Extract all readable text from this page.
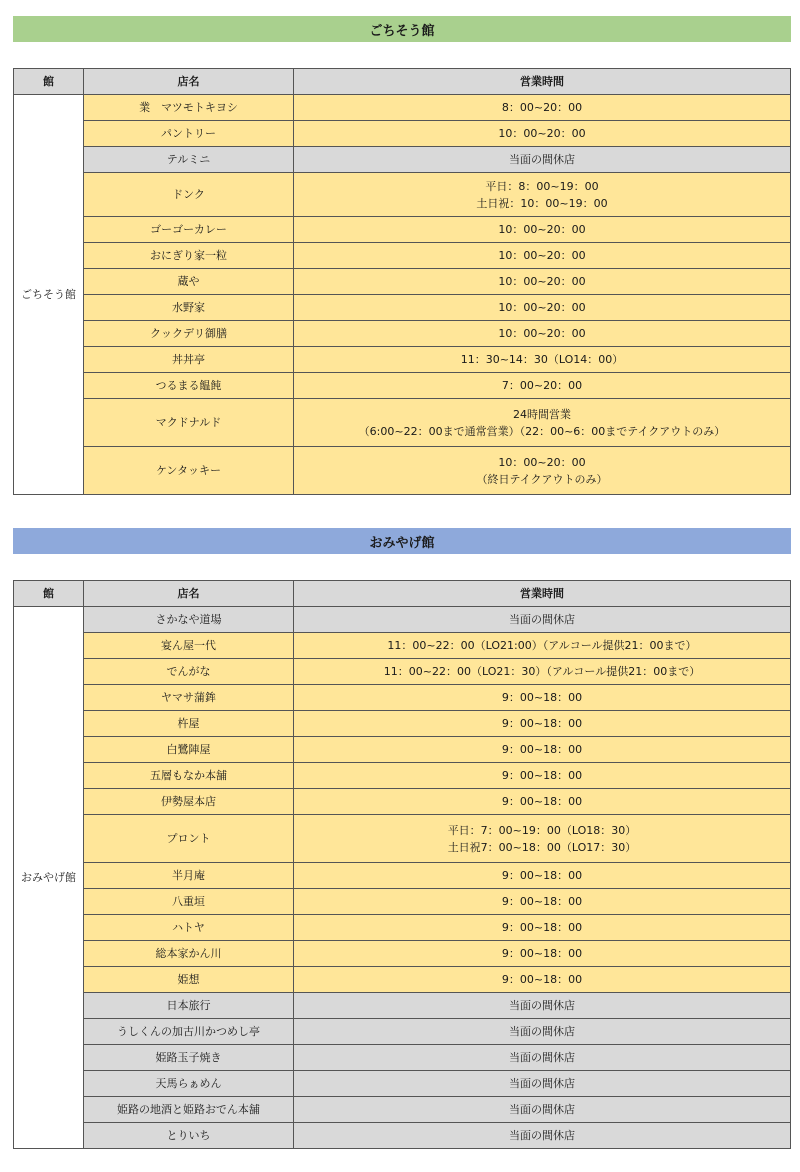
ごちそう館
館	店名	営業時間
ごちそう館	業　マツモトキヨシ	8：00~20：00

	パントリー	10：00~20：00

	テルミニ	当面の間休店

	ドンク	平日：8：00~19：00
土日祝：10：00~19：00

	ゴーゴーカレー	10：00~20：00

	おにぎり家一粒	10：00~20：00

	蔵や	10：00~20：00

	水野家	10：00~20：00

	クックデリ御膳	10：00~20：00

	丼丼亭	11：30~14：30（LO14：00）

	つるまる饂飩	7：00~20：00

	マクドナルド	24時間営業
（6:00~22：00まで通常営業）（22：00~6：00までテイクアウトのみ）

	ケンタッキー	10：00~20：00
（終日テイクアウトのみ）
おみやげ館
館	店名	営業時間
おみやげ館	さかなや道場	当面の間休店

	宴ん屋一代	11：00~22：00（LO21:00）（アルコール提供21：00まで）

	でんがな	11：00~22：00（LO21：30）（アルコール提供21：00まで）

	ヤマサ蒲鉾	9：00~18：00

	杵屋	9：00~18：00

	白鷺陣屋	9：00~18：00

	五層もなか本舗	9：00~18：00

	伊勢屋本店	9：00~18：00

	プロント	平日：7：00~19：00（LO18：30）
土日祝7：00~18：00（LO17：30）

	半月庵	9：00~18：00

	八重垣	9：00~18：00

	ハトヤ	9：00~18：00

	総本家かん川	9：00~18：00

	姫想	9：00~18：00

	日本旅行	当面の間休店

	うしくんの加古川かつめし亭	当面の間休店

	姫路玉子焼き	当面の間休店

	天馬らぁめん	当面の間休店

	姫路の地酒と姫路おでん本舗	当面の間休店

	とりいち	当面の間休店
